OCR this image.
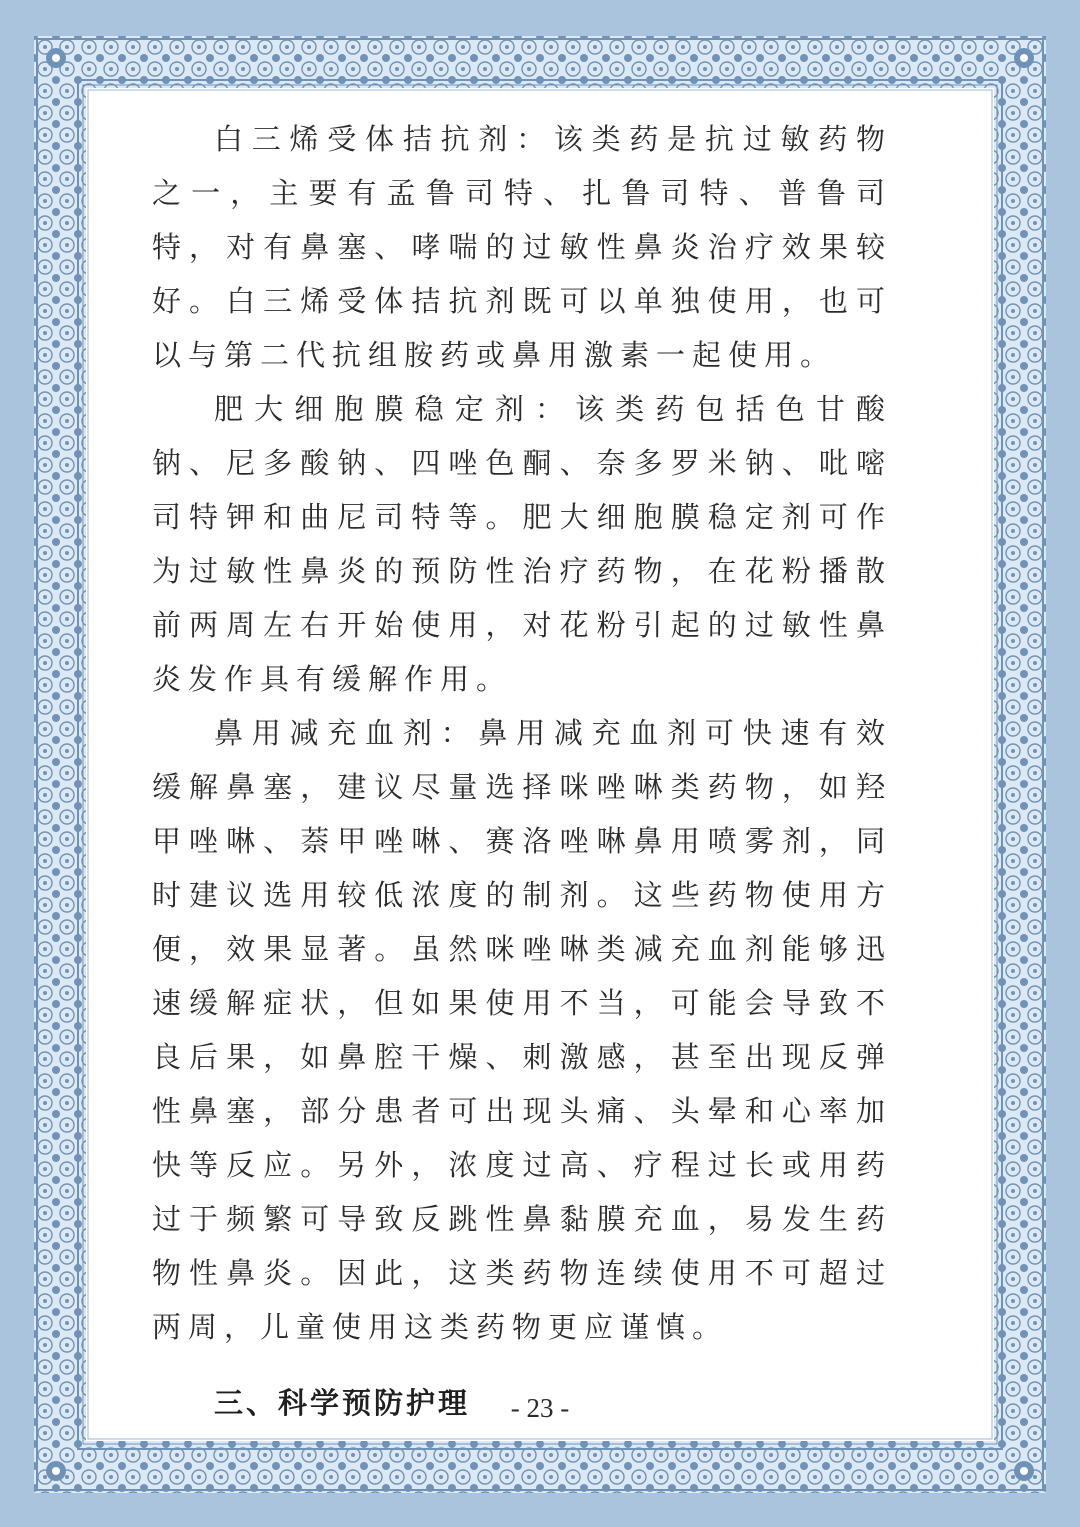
白三烯受体拮抗剂：该类药是抗过敏药物之一，主要有孟鲁司特、扎鲁司特、普鲁司特，对有鼻塞、哮喘的过敏性鼻炎治疗效果较好。白三烯受体拮抗剂既可以单独使用，也可以与第二代抗组胺药或鼻用激素一起使用。

肥大细胞膜稳定剂：该类药包括色甘酸钠、尼多酸钠、四唑色酮、奈多罗米钠、吡嘧司特钾和曲尼司特等。肥大细胞膜稳定剂可作为过敏性鼻炎的预防性治疗药物，在花粉播散前两周左右开始使用，对花粉引起的过敏性鼻炎发作具有缓解作用。

鼻用减充血剂：鼻用减充血剂可快速有效缓解鼻塞，建议尽量选择咪唑啉类药物，如羟甲唑啉、萘甲唑啉、赛洛唑啉鼻用喷雾剂，同时建议选用较低浓度的制剂。这些药物使用方便，效果显著。虽然咪唑啉类减充血剂能够迅速缓解症状，但如果使用不当，可能会导致不良后果，如鼻腔干燥、刺激感，甚至出现反弹性鼻塞，部分患者可出现头痛、头晕和心率加快等反应。另外，浓度过高、疗程过长或用药过于频繁可导致反跳性鼻黏膜充血，易发生药物性鼻炎。因此，这类药物连续使用不可超过两周，儿童使用这类药物更应谨慎。

三、科学预防护理	- 23 -
